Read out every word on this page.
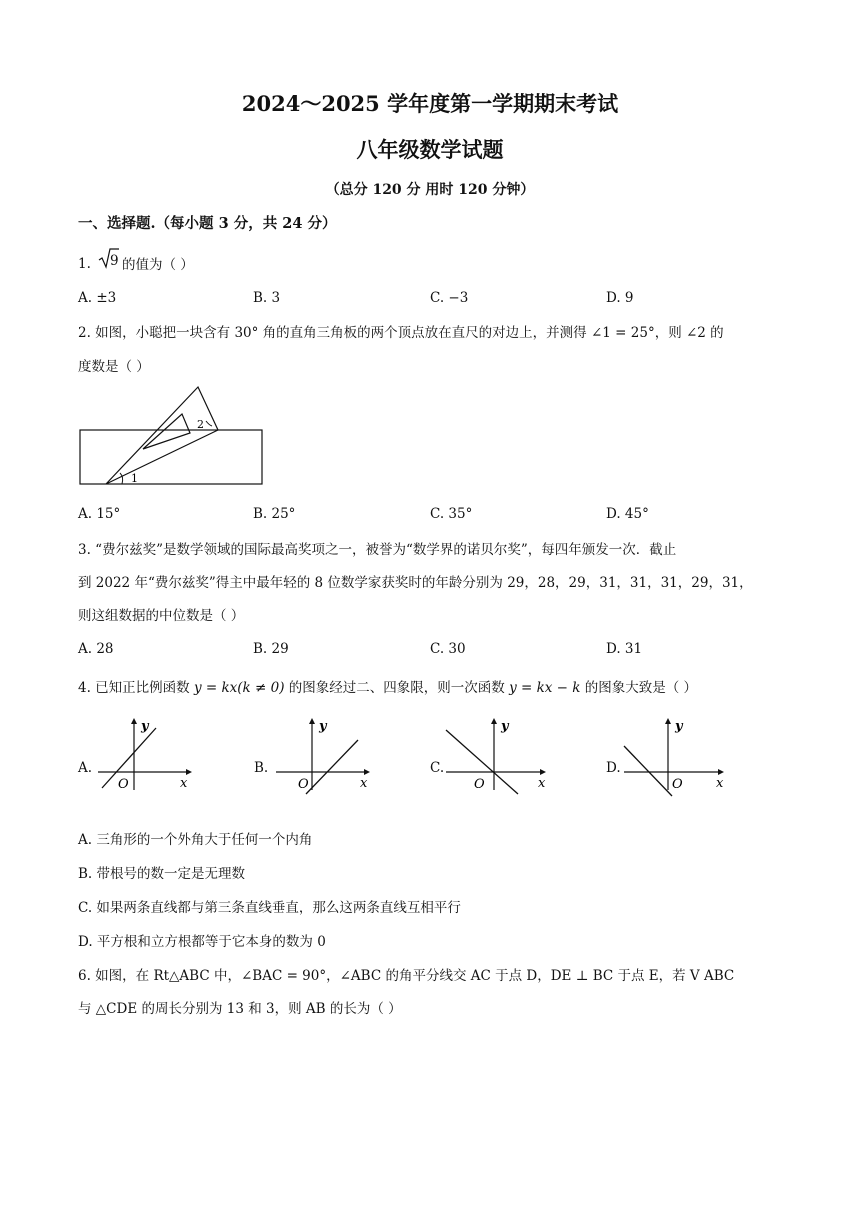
2024～2025 学年度第一学期期末考试
八年级数学试题
（总分 120 分 用时 120 分钟）
一、选择题.（每小题 3 分，共 24 分）
1. 9 的值为（ ）
A. ±3	B. 3	C. −3	D. 9
2. 如图，小聪把一块含有 30° 角的直角三角板的两个顶点放在直尺的对边上，并测得 ∠1 = 25°，则 ∠2 的
度数是（ ）
2
1
A. 15°	B. 25°	C. 35°	D. 45°
3. “费尔兹奖”是数学领域的国际最高奖项之一，被誉为“数学界的诺贝尔奖”，每四年颁发一次．截止
到 2022 年“费尔兹奖”得主中最年轻的 8 位数学家获奖时的年龄分别为 29，28，29，31，31，31，29，31，
则这组数据的中位数是（ ）
A. 28	B. 29	C. 30	D. 31
4. 已知正比例函数 y = kx(k ≠ 0) 的图象经过二、四象限，则一次函数 y = kx − k 的图象大致是（ ）
A.
y
x
O
B.
y
x
O
C.
y
x
O
D.
y
x
O
A. 三角形的一个外角大于任何一个内角
B. 带根号的数一定是无理数
C. 如果两条直线都与第三条直线垂直，那么这两条直线互相平行
D. 平方根和立方根都等于它本身的数为 0
6. 如图，在 Rt△ABC 中，∠BAC = 90°，∠ABC 的角平分线交 AC 于点 D，DE ⊥ BC 于点 E，若 V ABC
与 △CDE 的周长分别为 13 和 3，则 AB 的长为（ ）
